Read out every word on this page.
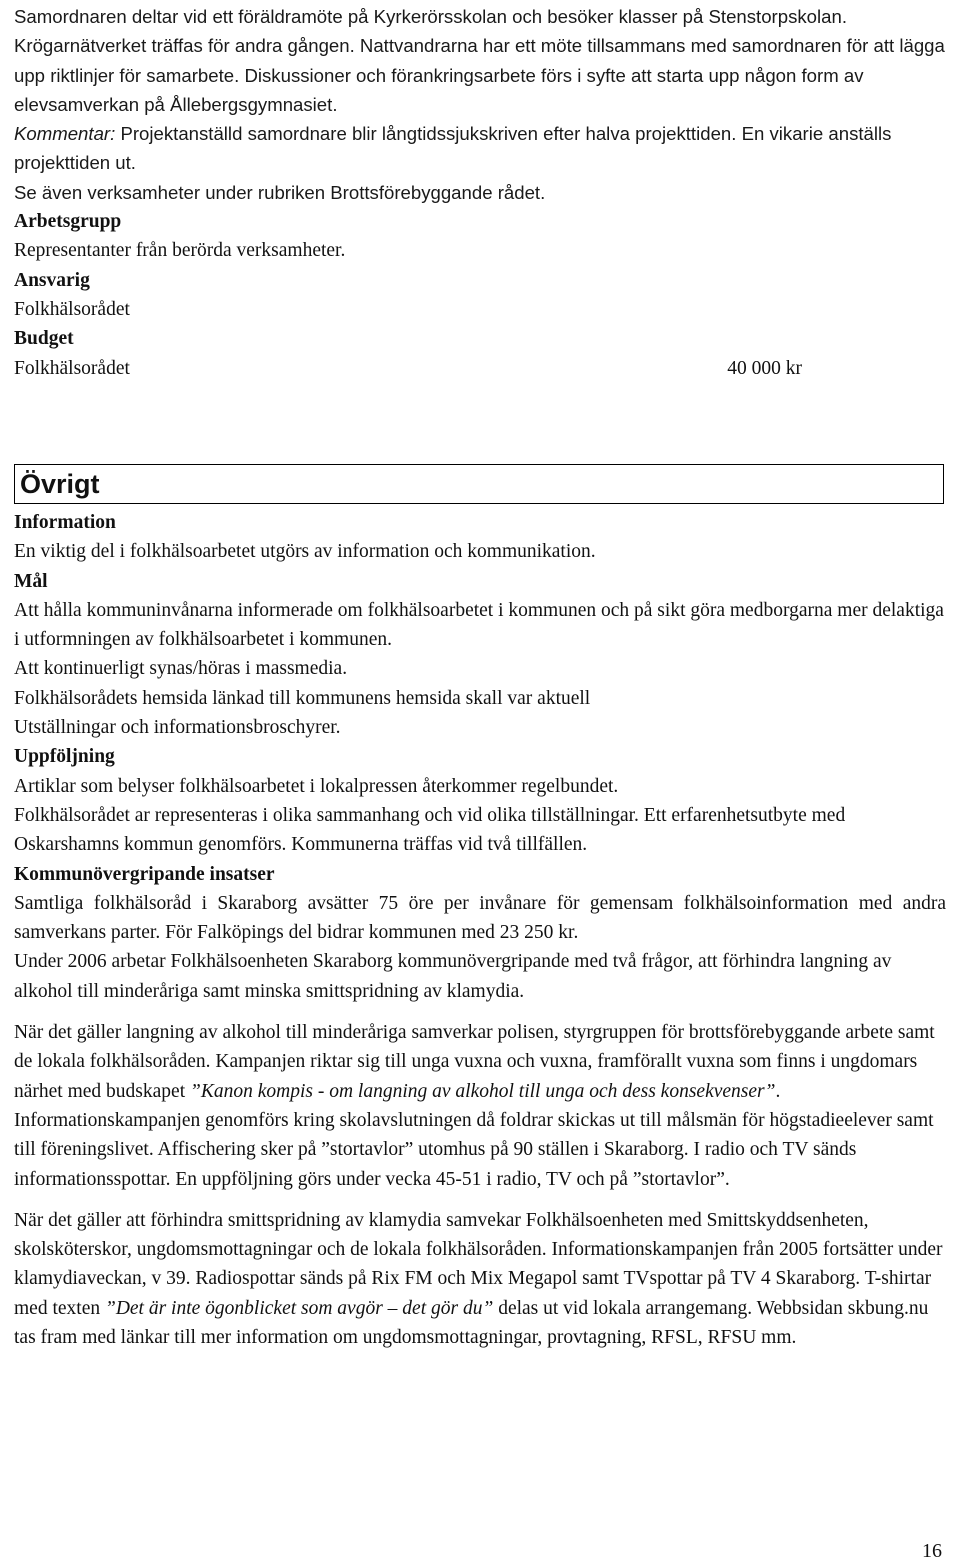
Samordnaren deltar vid ett föräldramöte på Kyrkerörsskolan och besöker klasser på Stenstorpskolan. Krögarnätverket träffas för andra gången. Nattvandrarna har ett möte tillsammans med samordnaren för att lägga upp riktlinjer för samarbete. Diskussioner och förankringsarbete förs i syfte att starta upp någon form av elevsamverkan på Ållebergsgymnasiet.

Kommentar: Projektanställd samordnare blir långtidssjukskriven efter halva projekttiden. En vikarie anställs projekttiden ut.

Se även verksamheter under rubriken Brottsförebyggande rådet.

Arbetsgrupp

Representanter från berörda verksamheter.

Ansvarig

Folkhälsorådet

Budget

Folkhälsorådet	40 000 kr
Övrigt

Information

En viktig del i folkhälsoarbetet utgörs av information och kommunikation.

Mål

Att hålla kommuninvånarna informerade om folkhälsoarbetet i kommunen och på sikt göra medborgarna mer delaktiga i utformningen av folkhälsoarbetet i kommunen.

Att kontinuerligt synas/höras i massmedia.

Folkhälsorådets hemsida länkad till kommunens hemsida skall var aktuell

Utställningar och informationsbroschyrer.

Uppföljning

Artiklar som belyser folkhälsoarbetet i lokalpressen återkommer regelbundet.

Folkhälsorådet ar representeras i olika sammanhang och vid olika tillställningar. Ett erfarenhetsutbyte med Oskarshamns kommun genomförs. Kommunerna träffas vid två tillfällen.

Kommunövergripande insatser

Samtliga folkhälsoråd i Skaraborg avsätter 75 öre per invånare för gemensam folkhälsoinformation med andra samverkans parter. För Falköpings del bidrar kommunen med 23 250 kr.

Under 2006 arbetar Folkhälsoenheten Skaraborg kommunövergripande med två frågor, att förhindra langning av alkohol till minderåriga samt minska smittspridning av klamydia.

När det gäller langning av alkohol till minderåriga samverkar polisen, styrgruppen för brottsförebyggande arbete samt de lokala folkhälsoråden. Kampanjen riktar sig till unga vuxna och vuxna, framförallt vuxna som finns i ungdomars närhet med budskapet ”Kanon kompis - om langning av alkohol till unga och dess konsekvenser”. Informationskampanjen genomförs kring skolavslutningen då foldrar skickas ut till målsmän för högstadieelever samt till föreningslivet. Affischering sker på ”stortavlor” utomhus på 90 ställen i Skaraborg. I radio och TV sänds informationsspottar. En uppföljning görs under vecka 45-51 i radio, TV och på ”stortavlor”.

När det gäller att förhindra smittspridning av klamydia samvekar Folkhälsoenheten med Smittskyddsenheten, skolsköterskor, ungdomsmottagningar och de lokala folkhälsoråden. Informationskampanjen från 2005 fortsätter under klamydiaveckan, v 39. Radiospottar sänds på Rix FM och Mix Megapol samt TVspottar på TV 4 Skaraborg. T-shirtar med texten ”Det är inte ögonblicket som avgör – det gör du” delas ut vid lokala arrangemang. Webbsidan skbung.nu tas fram med länkar till mer information om ungdomsmottagningar, provtagning, RFSL, RFSU mm.

16
